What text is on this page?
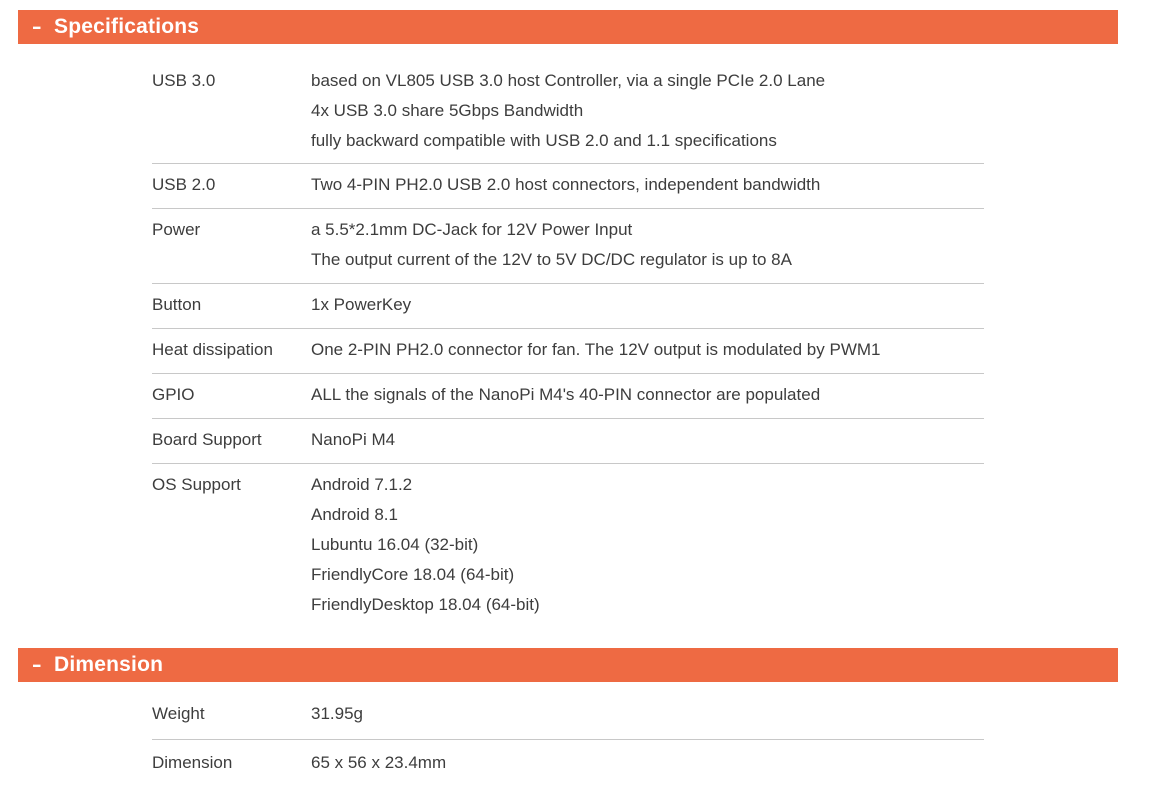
– Specifications
USB 3.0	based on VL805 USB 3.0 host Controller, via a single PCIe 2.0 Lane
4x USB 3.0 share 5Gbps Bandwidth
fully backward compatible with USB 2.0 and 1.1 specifications
USB 2.0	Two 4-PIN PH2.0 USB 2.0 host connectors, independent bandwidth
Power	a 5.5*2.1mm DC-Jack for 12V Power Input
The output current of the 12V to 5V DC/DC regulator is up to 8A
Button	1x PowerKey
Heat dissipation	One 2-PIN PH2.0 connector for fan. The 12V output is modulated by PWM1
GPIO	ALL the signals of the NanoPi M4's 40-PIN connector are populated
Board Support	NanoPi M4
OS Support	Android 7.1.2
Android 8.1
Lubuntu 16.04 (32-bit)
FriendlyCore 18.04 (64-bit)
FriendlyDesktop 18.04 (64-bit)
– Dimension
Weight	31.95g
Dimension	65 x 56 x 23.4mm
